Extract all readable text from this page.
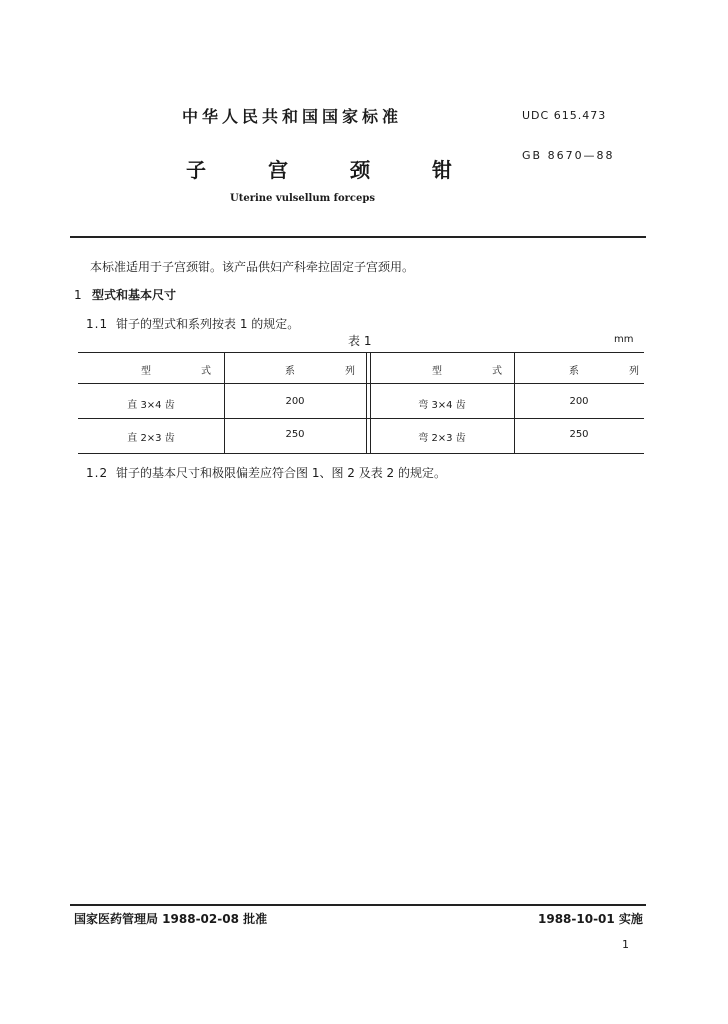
中华人民共和国国家标准	UDC 615.473
GB 8670—88
子宫颈钳
Uterine vulsellum forceps
本标准适用于子宫颈钳。该产品供妇产科牵拉固定子宫颈用。
1 型式和基本尺寸
1.1 钳子的型式和系列按表 1 的规定。
表 1	mm
型式	系列	型式	系列
直 3×4 齿	200	弯 3×4 齿	200
直 2×3 齿	250	弯 2×3 齿	250
1.2 钳子的基本尺寸和极限偏差应符合图 1、图 2 及表 2 的规定。
国家医药管理局 1988-02-08 批准	1988-10-01 实施
1
